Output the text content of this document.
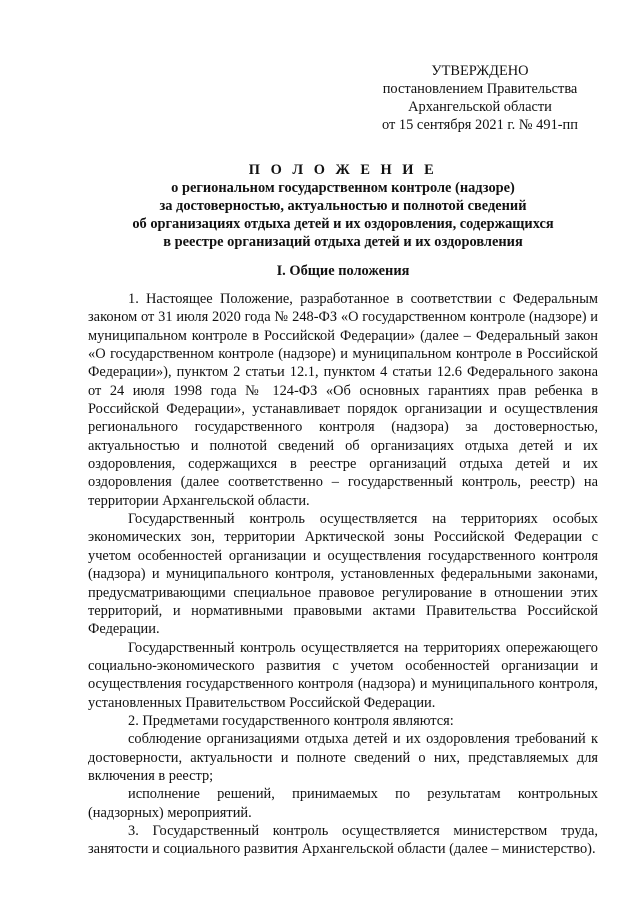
УТВЕРЖДЕНО
постановлением Правительства
Архангельской области
от 15 сентября 2021 г. № 491-пп
П О Л О Ж Е Н И Е
о региональном государственном контроле (надзоре)
за достоверностью, актуальностью и полнотой сведений
об организациях отдыха детей и их оздоровления, содержащихся
в реестре организаций отдыха детей и их оздоровления
I. Общие положения

1. Настоящее Положение, разработанное в соответствии с Федеральным законом от 31 июля 2020 года № 248-ФЗ «О государственном контроле (надзоре) и муниципальном контроле в Российской Федерации» (далее – Федеральный закон «О государственном контроле (надзоре) и муниципальном контроле в Российской Федерации»), пунктом 2 статьи 12.1, пунктом 4 статьи 12.6 Федерального закона от 24 июля 1998 года № 124-ФЗ «Об основных гарантиях прав ребенка в Российской Федерации», устанавливает порядок организации и осуществления регионального государственного контроля (надзора) за достоверностью, актуальностью и полнотой сведений об организациях отдыха детей и их оздоровления, содержащихся в реестре организаций отдыха детей и их оздоровления (далее соответственно – государственный контроль, реестр) на территории Архангельской области.

Государственный контроль осуществляется на территориях особых экономических зон, территории Арктической зоны Российской Федерации с учетом особенностей организации и осуществления государственного контроля (надзора) и муниципального контроля, установленных федеральными законами, предусматривающими специальное правовое регулирование в отношении этих территорий, и нормативными правовыми актами Правительства Российской Федерации.

Государственный контроль осуществляется на территориях опережающего социально-экономического развития с учетом особенностей организации и осуществления государственного контроля (надзора) и муниципального контроля, установленных Правительством Российской Федерации.

2. Предметами государственного контроля являются:

соблюдение организациями отдыха детей и их оздоровления требований к достоверности, актуальности и полноте сведений о них, представляемых для включения в реестр;

исполнение решений, принимаемых по результатам контрольных (надзорных) мероприятий.

3. Государственный контроль осуществляется министерством труда, занятости и социального развития Архангельской области (далее – министерство).
